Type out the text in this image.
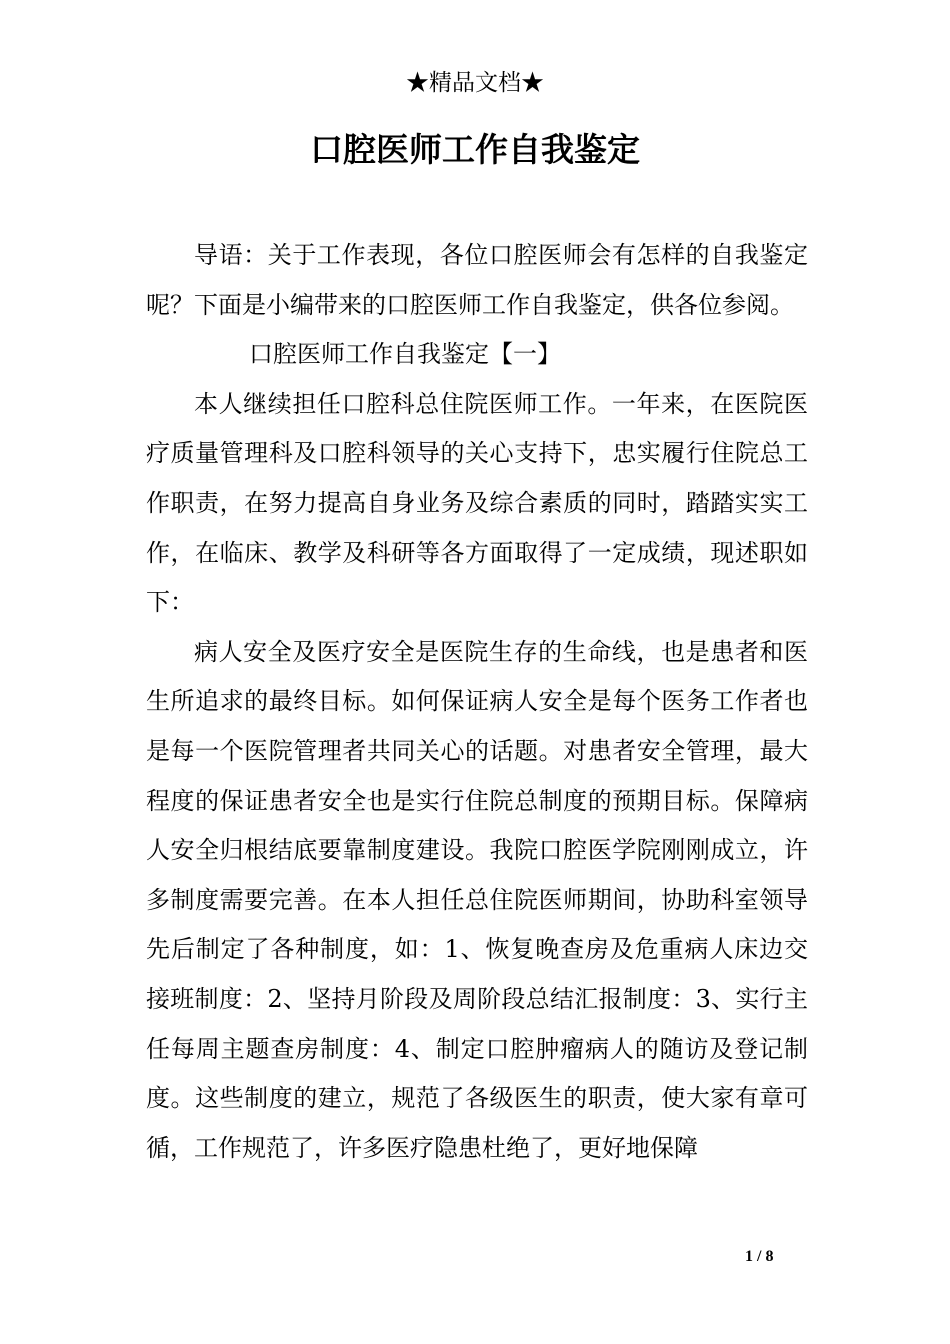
★精品文档★
口腔医师工作自我鉴定

导语：关于工作表现，各位口腔医师会有怎样的自我鉴定呢？下面是小编带来的口腔医师工作自我鉴定，供各位参阅。

口腔医师工作自我鉴定【一】

本人继续担任口腔科总住院医师工作。一年来，在医院医疗质量管理科及口腔科领导的关心支持下，忠实履行住院总工作职责，在努力提高自身业务及综合素质的同时，踏踏实实工作，在临床、教学及科研等各方面取得了一定成绩，现述职如下：

病人安全及医疗安全是医院生存的生命线，也是患者和医生所追求的最终目标。如何保证病人安全是每个医务工作者也是每一个医院管理者共同关心的话题。对患者安全管理，最大程度的保证患者安全也是实行住院总制度的预期目标。保障病人安全归根结底要靠制度建设。我院口腔医学院刚刚成立，许多制度需要完善。在本人担任总住院医师期间，协助科室领导先后制定了各种制度，如：1、恢复晚查房及危重病人床边交接班制度：2、坚持月阶段及周阶段总结汇报制度：3、实行主任每周主题查房制度：4、制定口腔肿瘤病人的随访及登记制度。这些制度的建立，规范了各级医生的职责，使大家有章可循，工作规范了，许多医疗隐患杜绝了，更好地保障

1 / 8
